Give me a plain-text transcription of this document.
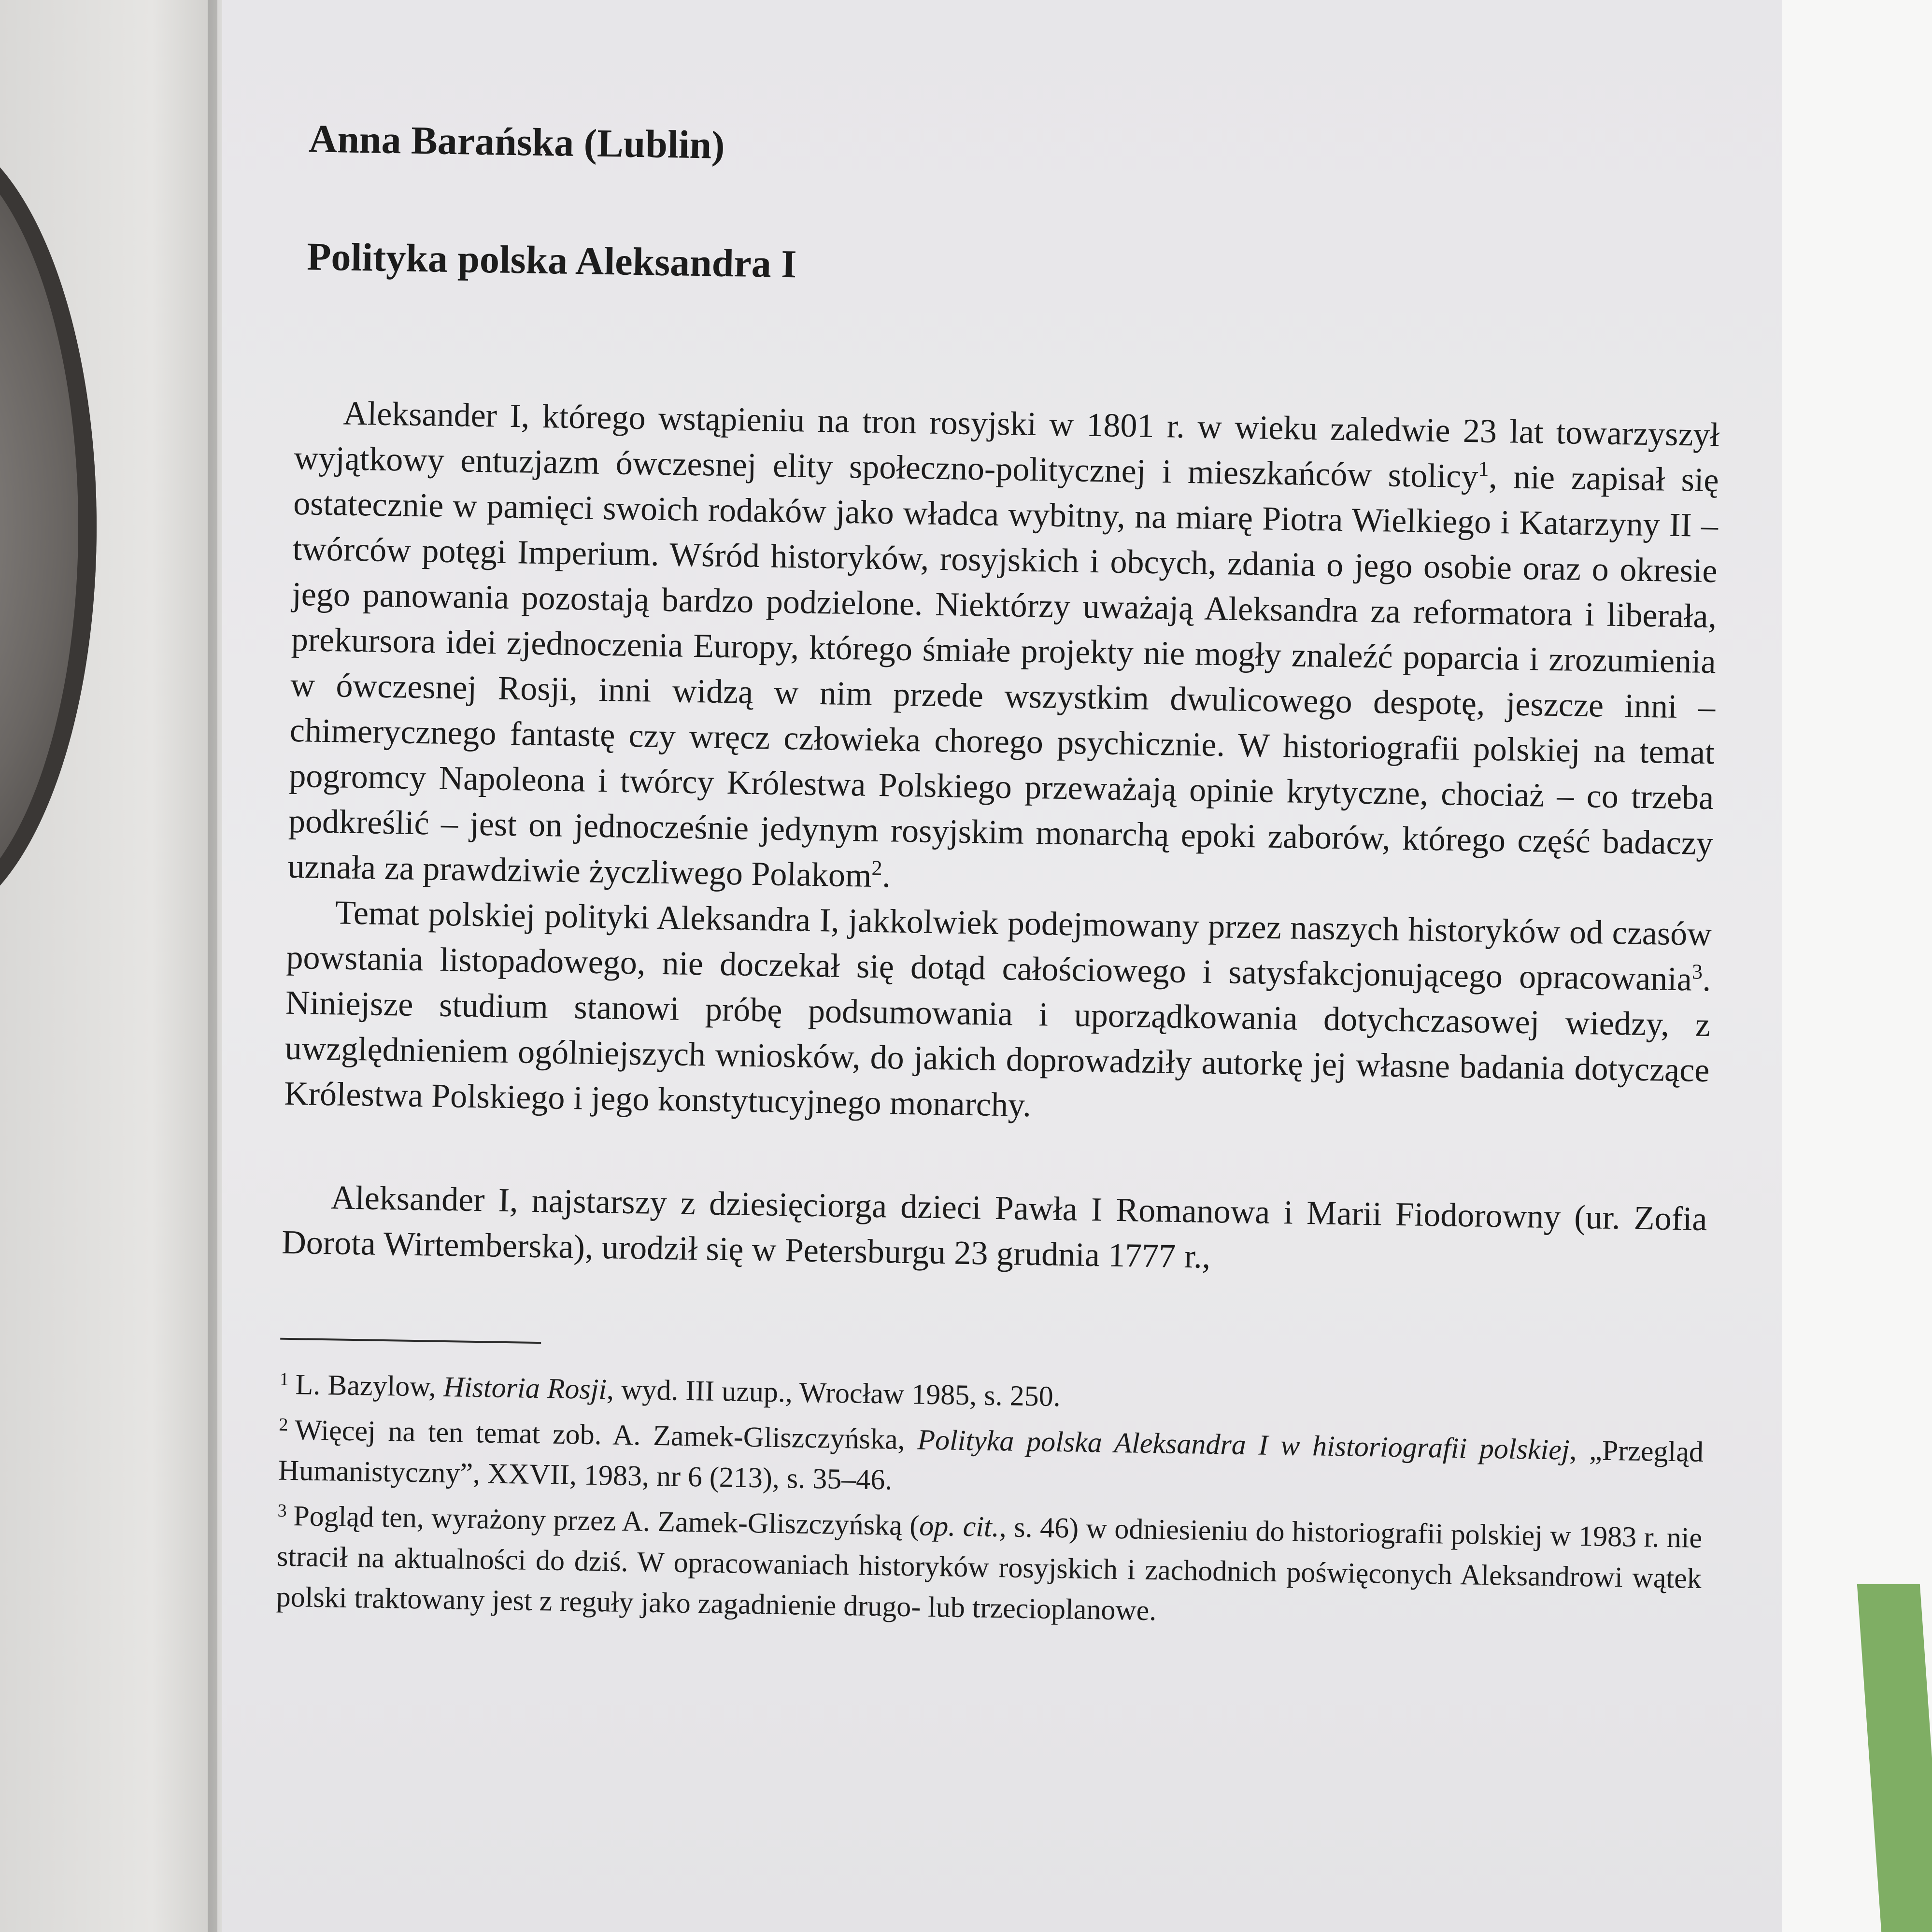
Anna Barańska (Lublin)
Polityka polska Aleksandra I

Aleksander I, którego wstąpieniu na tron rosyjski w 1801 r. w wieku zaledwie 23 lat towarzyszył wyjątkowy entuzjazm ówczesnej elity społeczno-politycznej i mieszkańców stolicy$^1$, nie zapisał się ostatecznie w pamięci swoich rodaków jako władca wybitny, na miarę Piotra Wielkiego i Katarzyny II – twórców potęgi Imperium. Wśród historyków, rosyjskich i obcych, zdania o jego osobie oraz o okresie jego panowania pozostają bardzo podzielone. Niektórzy uważają Aleksandra za reformatora i liberała, prekursora idei zjednoczenia Europy, którego śmiałe projekty nie mogły znaleźć poparcia i zrozumienia w ówczesnej Rosji, inni widzą w nim przede wszystkim dwulicowego despotę, jeszcze inni – chimerycznego fantastę czy wręcz człowieka chorego psychicznie. W historiografii polskiej na temat pogromcy Napoleona i twórcy Królestwa Polskiego przeważają opinie krytyczne, chociaż – co trzeba podkreślić – jest on jednocześnie jedynym rosyjskim monarchą epoki zaborów, którego część badaczy uznała za prawdziwie życzliwego Polakom$^2$.

Temat polskiej polityki Aleksandra I, jakkolwiek podejmowany przez naszych historyków od czasów powstania listopadowego, nie doczekał się dotąd całościowego i satysfakcjonującego opracowania$^3$. Niniejsze studium stanowi próbę podsumowania i uporządkowania dotychczasowej wiedzy, z uwzględnieniem ogólniejszych wniosków, do jakich doprowadziły autorkę jej własne badania dotyczące Królestwa Polskiego i jego konstytucyjnego monarchy.

Aleksander I, najstarszy z dziesięciorga dzieci Pawła I Romanowa i Marii Fiodorowny (ur. Zofia Dorota Wirtemberska), urodził się w Petersburgu 23 grudnia 1777 r.,

$^1$ L. Bazylow, Historia Rosji, wyd. III uzup., Wrocław 1985, s. 250.

$^2$ Więcej na ten temat zob. A. Zamek-Gliszczyńska, Polityka polska Aleksandra I w historiografii polskiej, „Przegląd Humanistyczny”, XXVII, 1983, nr 6 (213), s. 35–46.

$^3$ Pogląd ten, wyrażony przez A. Zamek-Gliszczyńską (op. cit., s. 46) w odniesieniu do historiografii polskiej w 1983 r. nie stracił na aktualności do dziś. W opracowaniach historyków rosyjskich i zachodnich poświęconych Aleksandrowi wątek polski traktowany jest z reguły jako zagadnienie drugo- lub trzecioplanowe.
